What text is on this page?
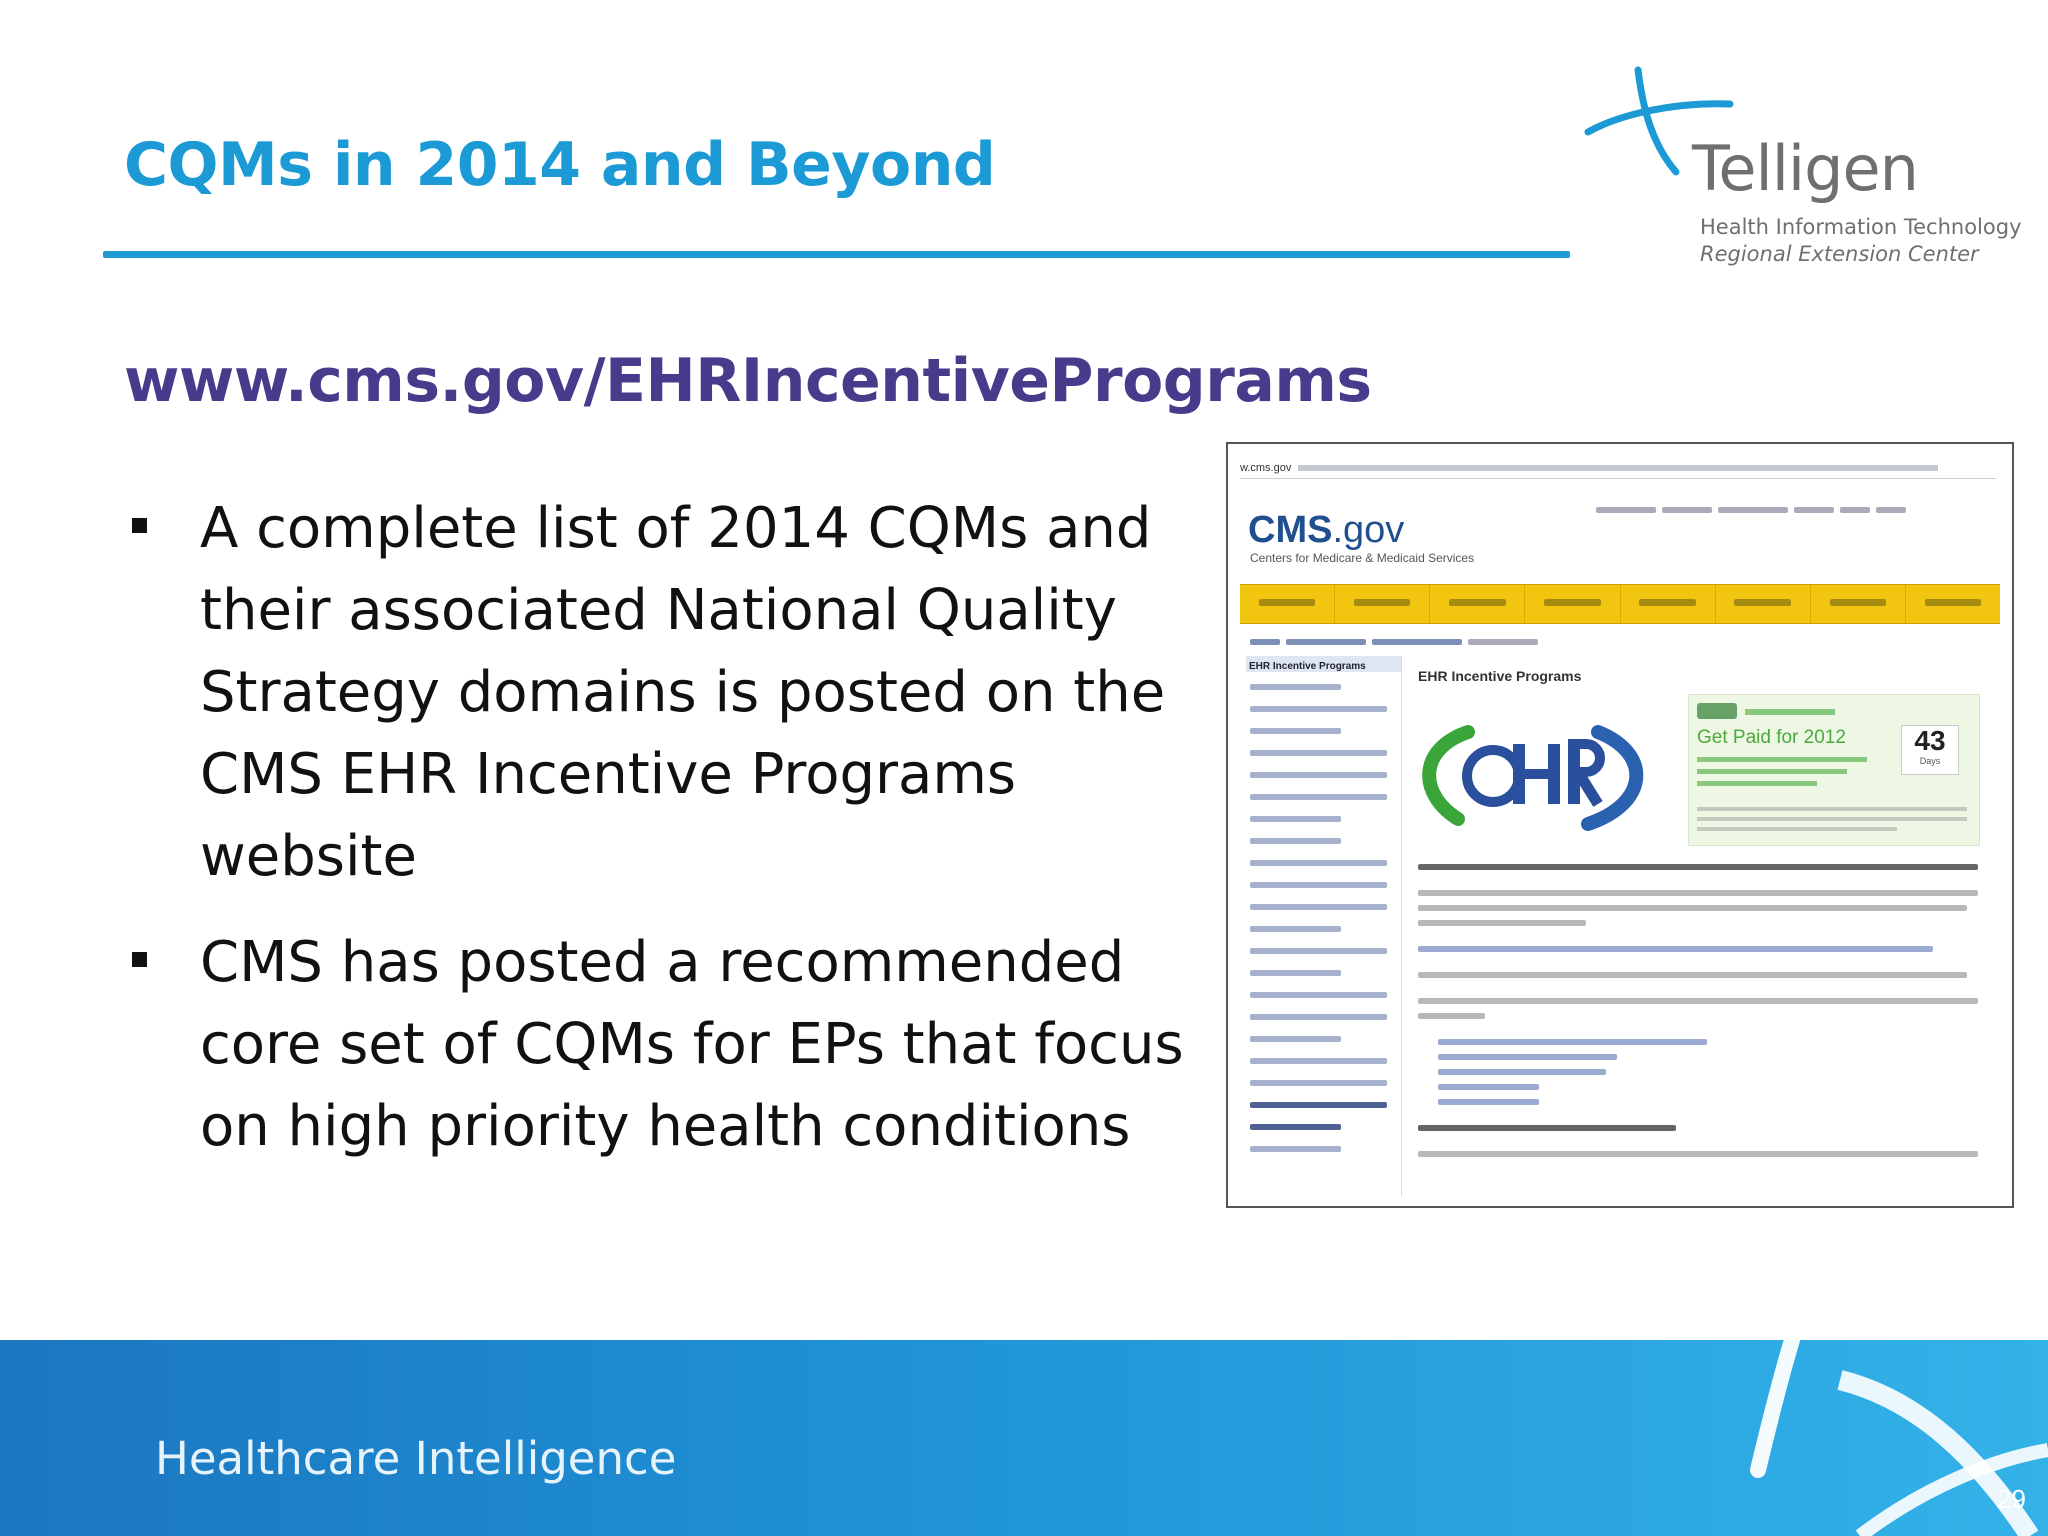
CQMs in 2014 and Beyond	Telligen
Health Information Technology
Regional Extension Center
www.cms.gov/EHRIncentivePrograms
A complete list of 2014 CQMs and their associated National Quality Strategy domains is posted on the CMS EHR Incentive Programs website
CMS has posted a recommended core set of CQMs for EPs that focus on high priority health conditions
w.cms.gov
CMS.gov
Centers for Medicare & Medicaid Services
EHR Incentive Programs
EHR Incentive Programs
Get Paid for 2012	43
Days
Healthcare Intelligence
29
